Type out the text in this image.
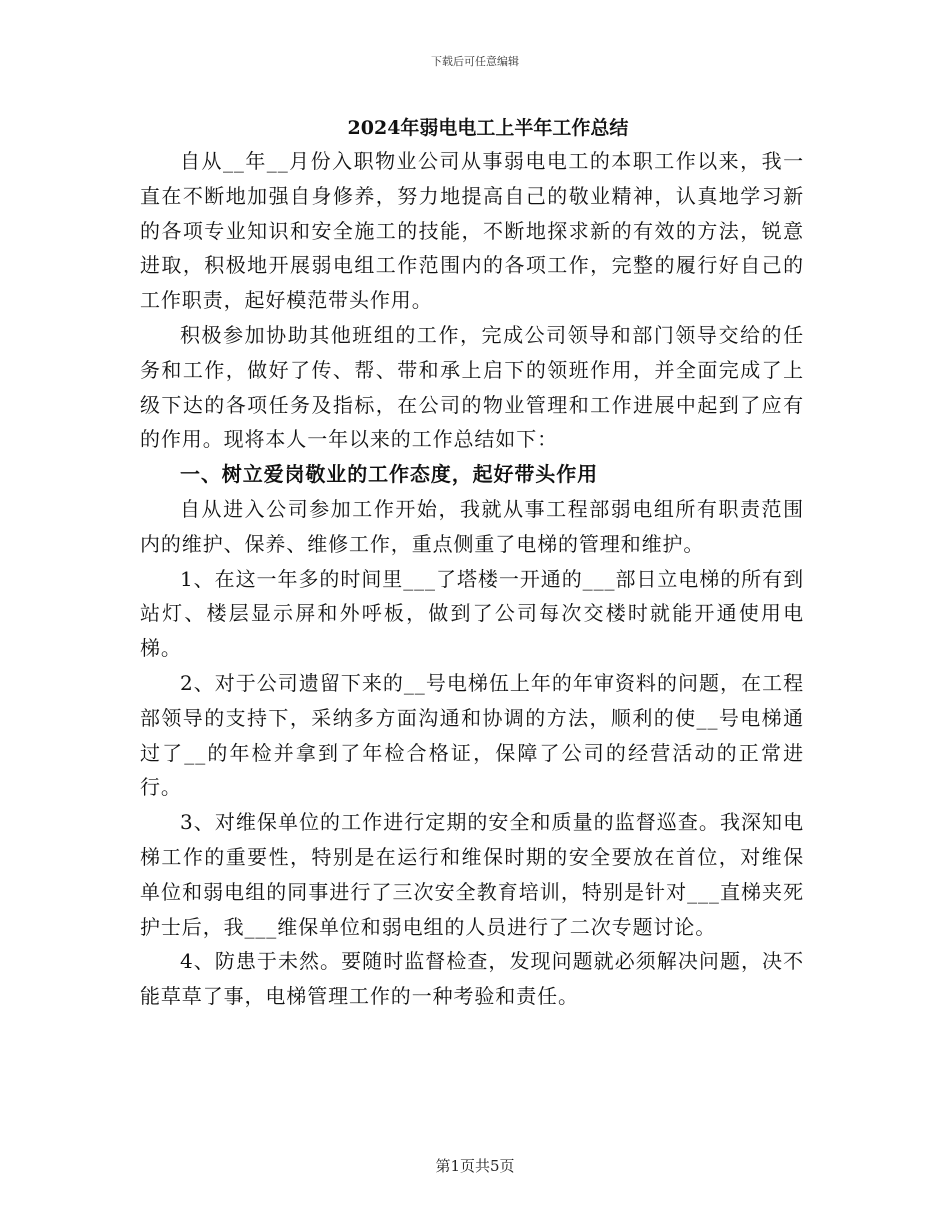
下载后可任意编辑
2024年弱电电工上半年工作总结

自从__年__月份入职物业公司从事弱电电工的本职工作以来，我一直在不断地加强自身修养，努力地提高自己的敬业精神，认真地学习新的各项专业知识和安全施工的技能，不断地探求新的有效的方法，锐意进取，积极地开展弱电组工作范围内的各项工作，完整的履行好自己的工作职责，起好模范带头作用。

积极参加协助其他班组的工作，完成公司领导和部门领导交给的任务和工作，做好了传、帮、带和承上启下的领班作用，并全面完成了上级下达的各项任务及指标，在公司的物业管理和工作进展中起到了应有的作用。现将本人一年以来的工作总结如下：

一、树立爱岗敬业的工作态度，起好带头作用

自从进入公司参加工作开始，我就从事工程部弱电组所有职责范围内的维护、保养、维修工作，重点侧重了电梯的管理和维护。

1、在这一年多的时间里___了塔楼一开通的___部日立电梯的所有到站灯、楼层显示屏和外呼板，做到了公司每次交楼时就能开通使用电梯。

2、对于公司遗留下来的__号电梯伍上年的年审资料的问题，在工程部领导的支持下，采纳多方面沟通和协调的方法，顺利的使__号电梯通过了__的年检并拿到了年检合格证，保障了公司的经营活动的正常进行。

3、对维保单位的工作进行定期的安全和质量的监督巡查。我深知电梯工作的重要性，特别是在运行和维保时期的安全要放在首位，对维保单位和弱电组的同事进行了三次安全教育培训，特别是针对___直梯夹死护士后，我___维保单位和弱电组的人员进行了二次专题讨论。

4、防患于未然。要随时监督检查，发现问题就必须解决问题，决不能草草了事，电梯管理工作的一种考验和责任。

第1页共5页
